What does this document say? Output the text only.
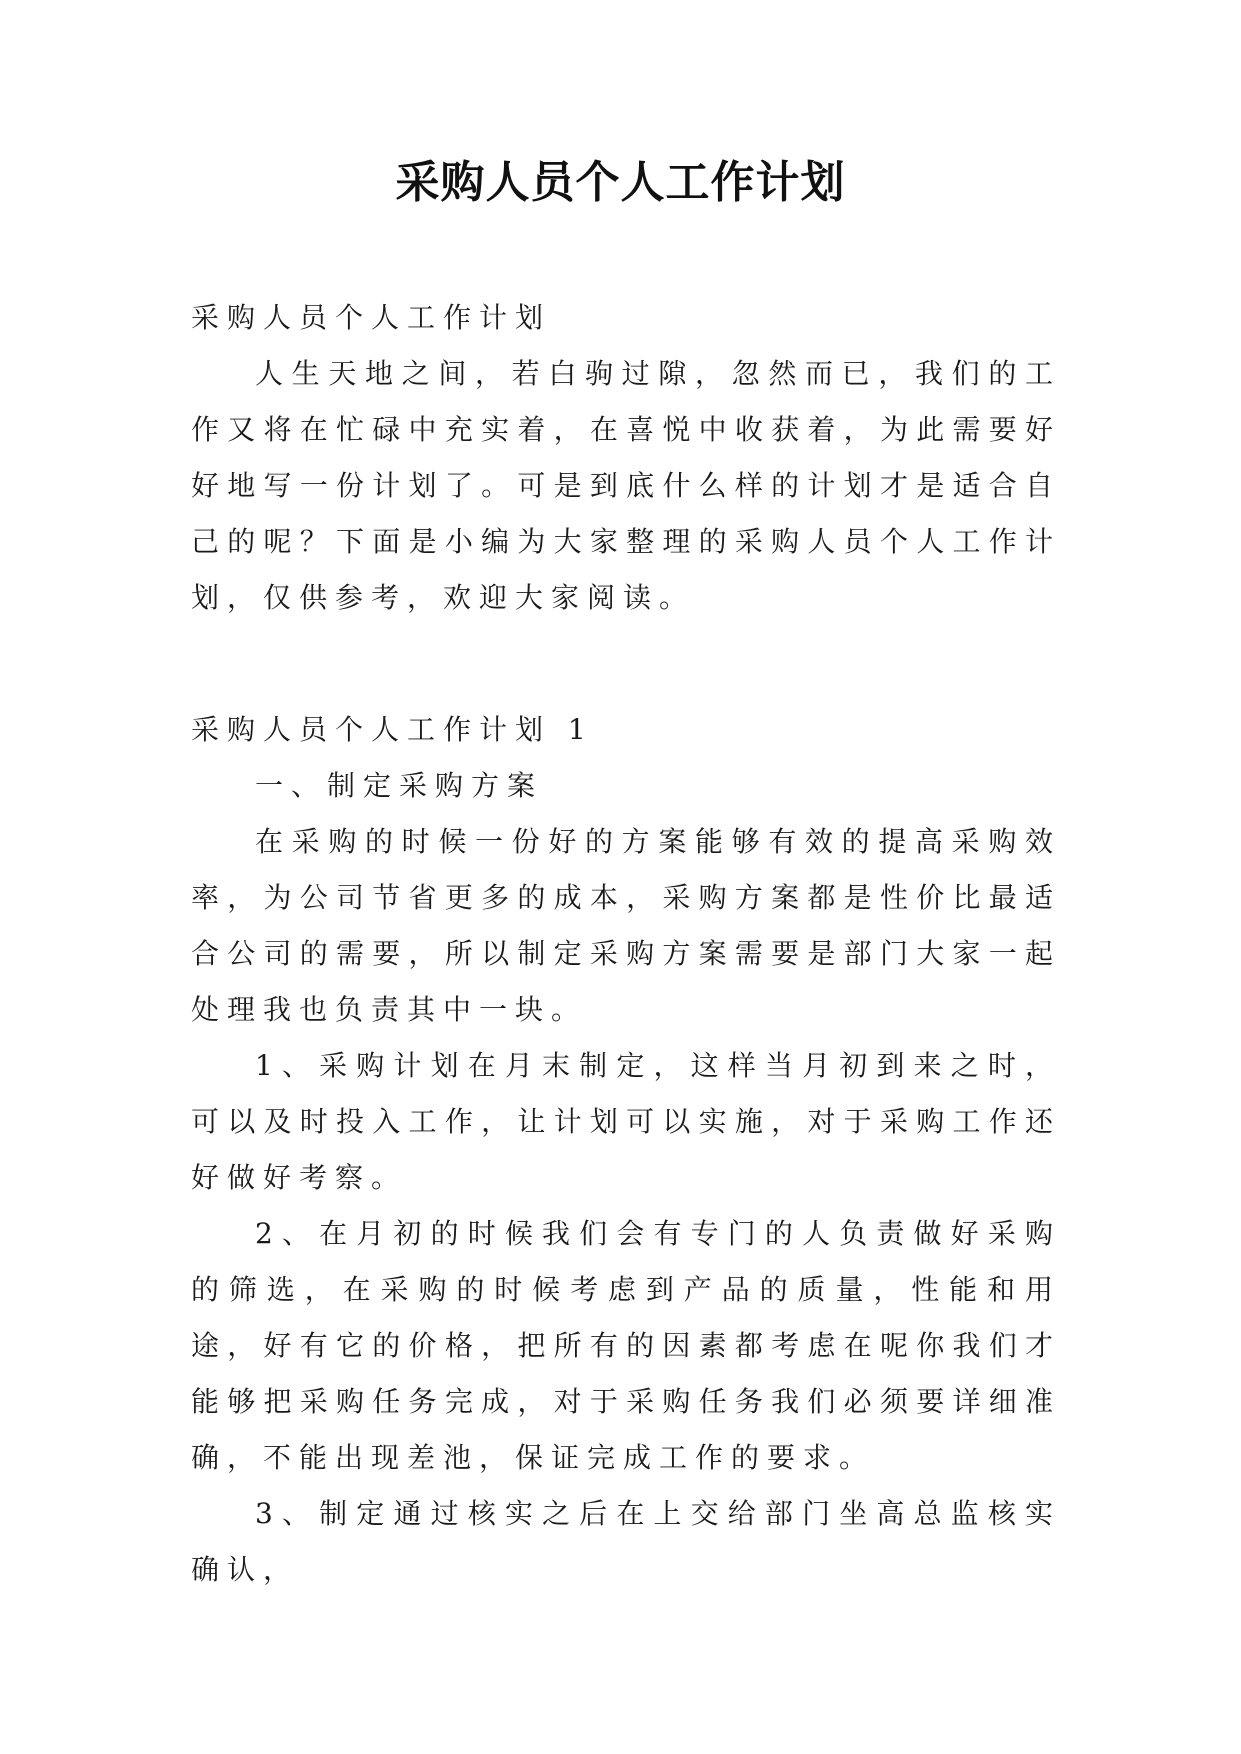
采购人员个人工作计划

采购人员个人工作计划

人生天地之间，若白驹过隙，忽然而已，我们的工作又将在忙碌中充实着，在喜悦中收获着，为此需要好好地写一份计划了。可是到底什么样的计划才是适合自己的呢？下面是小编为大家整理的采购人员个人工作计划，仅供参考，欢迎大家阅读。

采购人员个人工作计划 1

一、制定采购方案

在采购的时候一份好的方案能够有效的提高采购效率，为公司节省更多的成本，采购方案都是性价比最适合公司的需要，所以制定采购方案需要是部门大家一起处理我也负责其中一块。

1、采购计划在月末制定，这样当月初到来之时，可以及时投入工作，让计划可以实施，对于采购工作还好做好考察。

2、在月初的时候我们会有专门的人负责做好采购的筛选，在采购的时候考虑到产品的质量，性能和用途，好有它的价格，把所有的因素都考虑在呢你我们才能够把采购任务完成，对于采购任务我们必须要详细准确，不能出现差池，保证完成工作的要求。

3、制定通过核实之后在上交给部门坐高总监核实确认，
